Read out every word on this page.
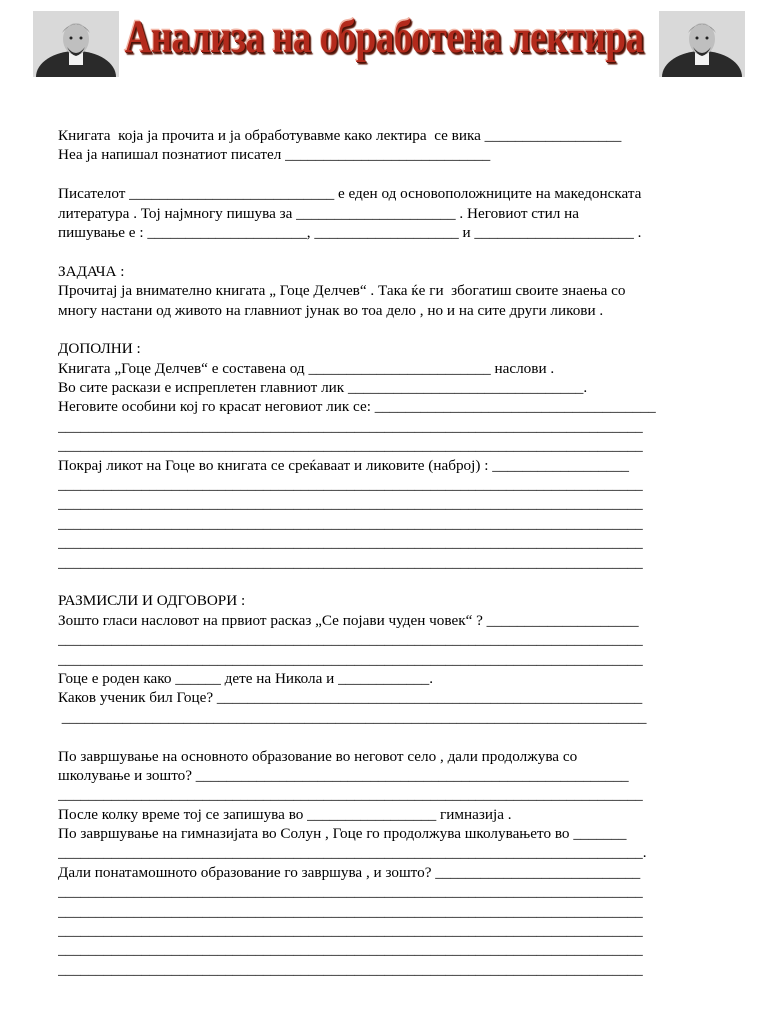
Анализа на обработена лектира
Книгата  која ја прочита и ја обработувавме како лектира  се вика __________________
Неа ја напишал познатиот писател ___________________________
Писателот ___________________________ е еден од основоположниците на македонската
литература . Тој најмногу пишува за _____________________ . Неговиот стил на
пишување е : _____________________, ___________________ и _____________________ .
ЗАДАЧА :
Прочитај ја внимателно книгата „ Гоце Делчев“ . Така ќе ги  збогатиш своите знаења со
многу настани од живото на главниот јунак во тоа дело , но и на сите други ликови .
ДОПОЛНИ :
Книгата „Гоце Делчев“ е составена од ________________________ наслови .
Во сите раскази е испреплетен главниот лик _______________________________.
Неговите особини кој го красат неговиот лик се: _____________________________________
_____________________________________________________________________________
_____________________________________________________________________________
Покрај ликот на Гоце во книгата се среќаваат и ликовите (наброј) : __________________
_____________________________________________________________________________
_____________________________________________________________________________
_____________________________________________________________________________
_____________________________________________________________________________
_____________________________________________________________________________
РАЗМИСЛИ И ОДГОВОРИ :
Зошто гласи насловот на првиот расказ „Се појави чуден човек“ ? ____________________
_____________________________________________________________________________
_____________________________________________________________________________
Гоце е роден како ______ дете на Никола и ____________.
Каков ученик бил Гоце? ________________________________________________________
_____________________________________________________________________________
По завршување на основното образование во неговот село , дали продолжува со
школување и зошто? _________________________________________________________
_____________________________________________________________________________
После колку време тој се запишува во _________________ гимназија .
По завршување на гимназијата во Солун , Гоце го продолжува школувањето во _______
_____________________________________________________________________________.
Дали понатамошното образование го завршува , и зошто? ___________________________
_____________________________________________________________________________
_____________________________________________________________________________
_____________________________________________________________________________
_____________________________________________________________________________
_____________________________________________________________________________
